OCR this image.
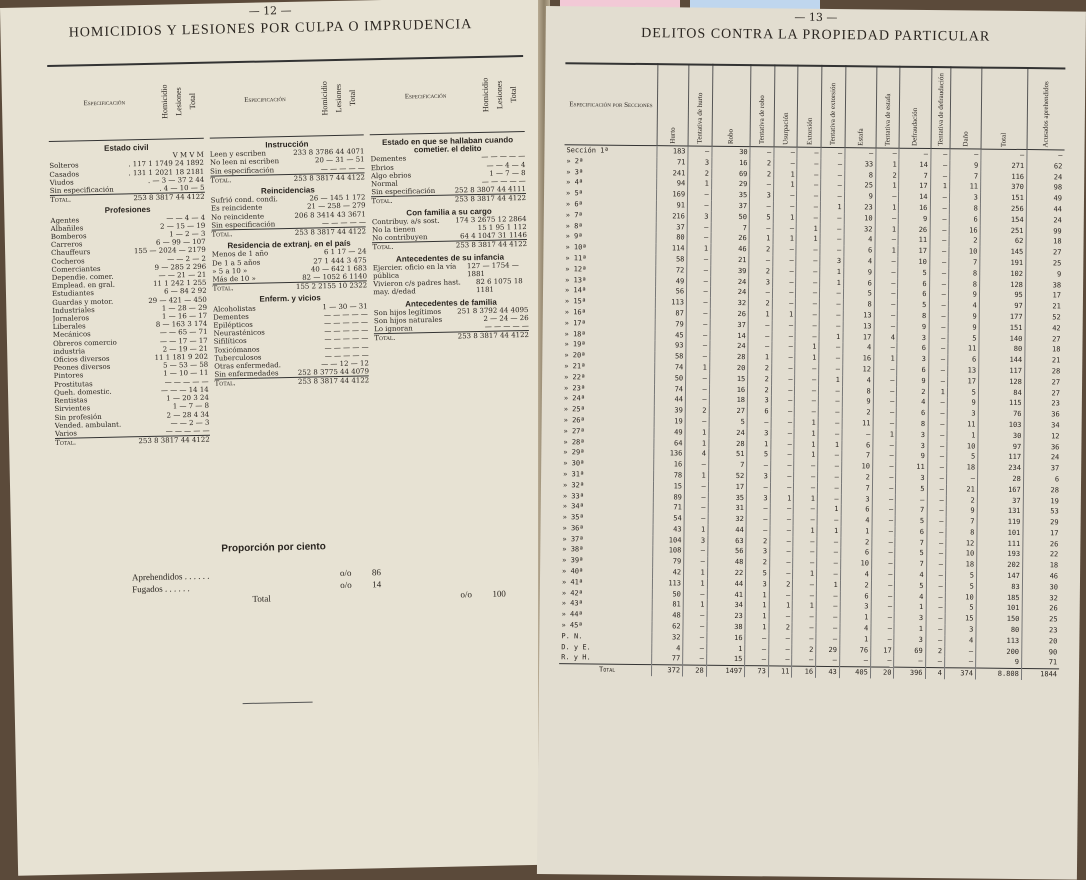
— 12 —
HOMICIDIOS Y LESIONES POR CULPA O IMPRUDENCIA
Especificación	Homicidio Lesiones Total
Estado civil
V M V M
Solteros	. 117 1 1749 24 1892
Casados	. 131 1 2021 18 2181
Viudos	. — 3 — 37 2 44
Sin especificación	. 4 — 10 — 5
Total.	253 8 3817 44 4122
Profesiones
Agentes	— — 4 — 4
Albañiles	2 — 15 — 19
Bomberos	1 — 2 — 3
Carreros	6 — 99 — 107
Chauffeurs	155 — 2024 — 2179
Cocheros	— — 2 — 2
Comerciantes	9 — 285 2 296
Dependie. comer.	— — 21 — 21
Emplead. en gral.	11 1 242 1 255
Estudiantes	6 — 84 2 92
Guardas y motor.	29 — 421 — 450
Industriales	1 — 28 — 29
Jornaleros	1 — 16 — 17
Liberales	8 — 163 3 174
Mecánicos	— — 65 — 71
Obreros comercio	— — 17 — 17
industria	2 — 19 — 21
Oficios diversos	11 1 181 9 202
Peones diversos	5 — 53 — 58
Pintores	1 — 10 — 11
Prostitutas	— — — — —
Queh. domestic.	— — — 14 14
Rentistas	1 — 20 3 24
Sirvientes	1 — 7 — 8
Sin profesión	2 — 28 4 34
Vended. ambulant.	— — 2 — 3
Varios	— — — — —
Total.	253 8 3817 44 4122
Especificación	Homicidio Lesiones Total
Instrucción
Leen y escriben	233 8 3786 44 4071
No leen ni escriben	20 — 31 — 51
Sin especificación	— — — — —
Total.	253 8 3817 44 4122
Reincidencias
Sufrió cond. condi.	26 — 145 1 172
Es reincidente	21 — 258 — 279
No reincidente	206 8 3414 43 3671
Sin especificación	— — — — —
Total.	253 8 3817 44 4122
Residencia de extranj. en el país
Menos de 1 año	6 1 17 — 24
De 1 a 5 años	27 1 444 3 475
» 5 a 10 »	40 — 642 1 683
Más de 10 »	82 — 1052 6 1140
Total.	155 2 2155 10 2322
Enferm. y vicios
Alcoholistas	1 — 30 — 31
Dementes	— — — — —
Epilépticos	— — — — —
Neurasténicos	— — — — —
Sifilíticos	— — — — —
Toxicómanos	— — — — —
Tuberculosos	— — — — —
Otras enfermedad.	— — 12 — 12
Sin enfermedades	252 8 3775 44 4079
Total.	253 8 3817 44 4122
Especificación	Homicidio Lesiones Total
Estado en que se hallaban cuando cometier. el delito
Dementes	— — — — —
Ebrios	— — 4 — 4
Algo ebrios	1 — 7 — 8
Normal	— — — — —
Sin especificación	252 8 3807 44 4111
Total.	253 8 3817 44 4122
Con familia a su cargo
Contribuy. a/s sost. 174 3 2675 12 2864
No la tienen	15 1 95 1 112
No contribuyen	64 4 1047 31 1146
Total.	253 8 3817 44 4122
Antecedentes de su infancia
Ejercier. oficio en la vía pública
127 — 1754 — 1881
Vivieron c/s padres hast. may. d/edad
82 6 1075 18 1181
Antecedentes de familia
Son hijos legítimos 251 8 3792 44 4095
Son hijos naturales	2 — 24 — 26
Lo ignoran	— — — — —
Total.	253 8 3817 44 4122
Proporción por ciento
Aprehendidos . . . . . .	o/o	86
Fugados . . . . . .	o/o	14
Total	o/o	100
— 13 —
DELITOS CONTRA LA PROPIEDAD PARTICULAR
Especificación por Secciones	Hurto	Tentativa de hurto	Robo	Tentativa de robo	Usurpación	Extorsión	Tentativa de extorsión	Estafa	Tentativa de estafa	Defraudación	Tentativa de defraudación	Daño	Total	Acusados aprehendidos
Sección 1ª	183	—	30	—	—	—	—	—	—	—	—	—	—	—
» 2ª	71	3	16	2	—	—	—	33	1	14	—	9	271	62
» 3ª	241	2	69	2	1	—	—	8	2	7	—	7	116	24
» 4ª	94	1	29	—	1	—	—	25	1	17	1	11	370	98
» 5ª	169	—	35	3	—	—	—	9	—	14	—	3	151	49
» 6ª	91	—	37	—	—	—	1	23	1	16	—	8	256	44
» 7ª	216	3	50	5	1	—	—	10	—	9	—	6	154	24
» 8ª	37	—	7	—	—	1	—	32	1	26	—	16	251	99
» 9ª	80	—	26	1	1	1	—	4	—	11	—	2	62	18
» 10ª	114	1	46	2	—	—	—	6	1	17	—	10	145	27
» 11ª	58	—	21	—	—	—	3	4	—	10	—	7	191	25
» 12ª	72	—	39	2	—	—	1	9	—	5	—	8	102	9
» 13ª	49	—	24	3	—	—	1	6	—	6	—	8	128	38
» 14ª	56	—	24	—	—	—	—	5	—	6	—	9	95	17
» 15ª	113	—	32	2	—	—	—	8	—	5	—	4	97	21
» 16ª	87	—	26	1	1	—	—	13	—	8	—	9	177	52
» 17ª	79	—	37	—	—	—	—	13	—	9	—	9	151	42
» 18ª	45	—	14	—	—	—	1	17	4	3	—	5	140	27
» 19ª	93	—	24	—	—	1	—	4	—	6	—	11	80	18
» 20ª	58	—	28	1	—	1	—	16	1	3	—	6	144	21
» 21ª	74	1	20	2	—	—	—	12	—	6	—	13	117	28
» 22ª	50	—	15	2	—	—	1	4	—	9	—	17	128	27
» 23ª	74	—	16	2	—	—	—	8	—	2	1	5	84	27
» 24ª	44	—	18	3	—	—	—	9	—	4	—	9	115	23
» 25ª	39	2	27	6	—	—	—	2	—	6	—	3	76	36
» 26ª	19	—	5	—	—	1	—	11	—	8	—	11	103	34
» 27ª	49	1	24	3	—	1	—	—	1	3	—	1	30	12
» 28ª	64	1	28	1	—	1	1	6	—	3	—	10	97	36
» 29ª	136	4	51	5	—	1	—	7	—	9	—	5	117	24
» 30ª	16	—	7	—	—	—	—	10	—	11	—	18	234	37
» 31ª	78	1	52	3	—	—	—	2	—	3	—	—	28	6
» 32ª	15	—	17	—	—	—	—	7	—	5	—	21	167	28
» 33ª	89	—	35	3	1	1	—	3	—	—	—	2	37	19
» 34ª	71	—	31	—	—	—	1	6	—	7	—	9	131	53
» 35ª	54	—	32	—	—	—	—	4	—	5	—	7	119	29
» 36ª	43	1	44	—	—	1	1	1	—	6	—	8	101	17
» 37ª	104	3	63	2	—	—	—	2	—	7	—	12	111	26
» 38ª	108	—	56	3	—	—	—	6	—	5	—	10	193	22
» 39ª	79	—	48	2	—	—	—	10	—	7	—	18	202	18
» 40ª	42	1	22	5	—	1	—	4	—	4	—	5	147	46
» 41ª	113	1	44	3	2	—	1	2	—	5	—	5	83	30
» 42ª	50	—	41	1	—	—	—	6	—	4	—	10	185	32
» 43ª	81	1	34	1	1	1	—	3	—	1	—	5	101	26
» 44ª	48	—	23	1	—	—	—	1	—	3	—	15	150	25
» 45ª	62	—	38	1	2	—	—	4	—	1	—	3	80	23
P. N.	32	—	16	—	—	—	—	1	—	3	—	4	113	20
D. y E.	4	—	1	—	—	2	29	76	17	69	2	—	200	90
R. y H.	77	—	15	—	—	—	—	—	—	—	—	—	9	71
Total	372	28	1497	73	11	16	43	405	20	396	4	374	8.808	1844
